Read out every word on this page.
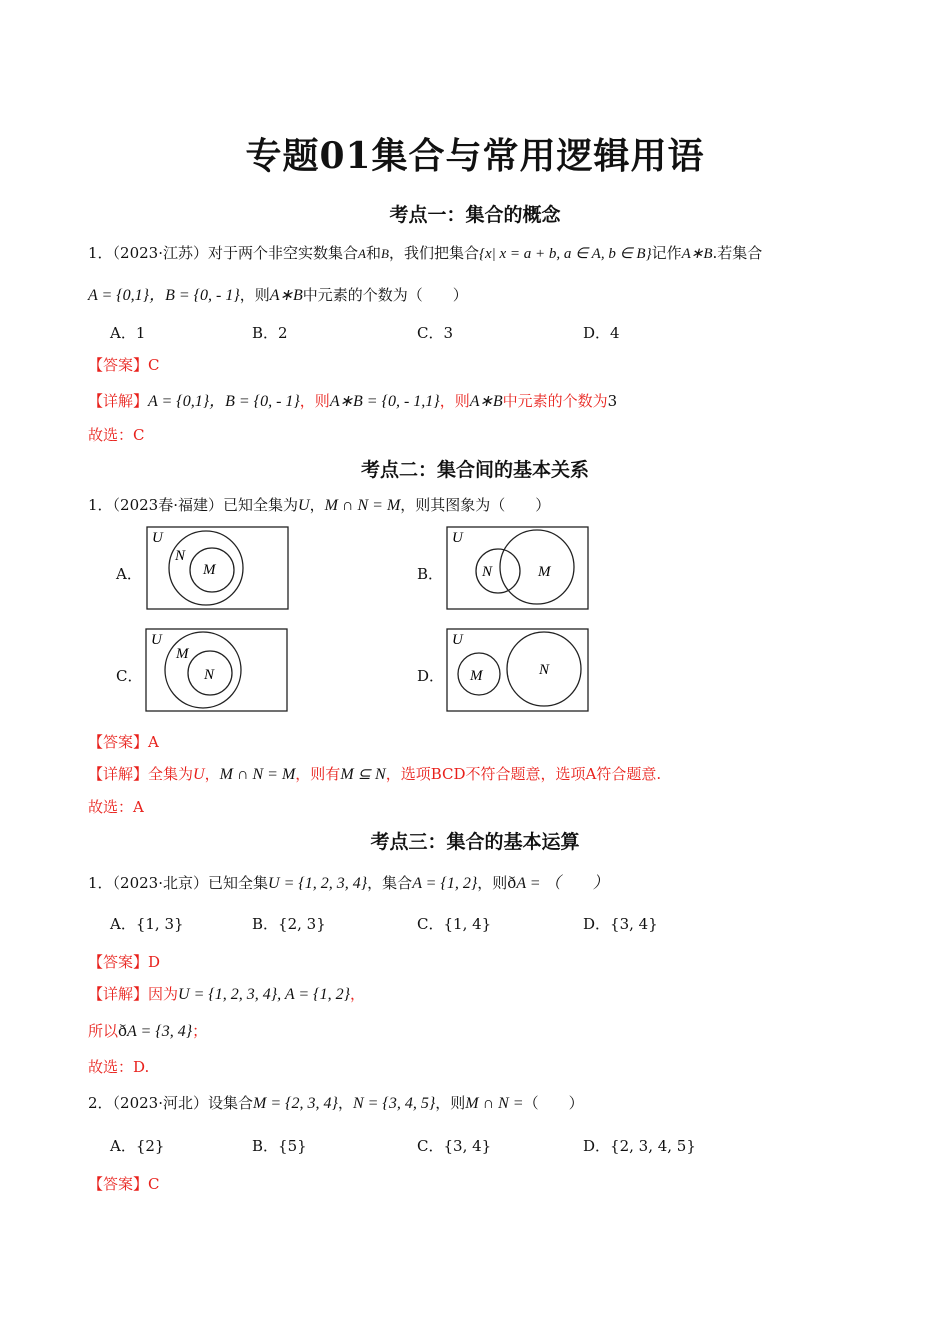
专题01集合与常用逻辑用语
考点一：集合的概念
1．（2023·江苏）对于两个非空实数集合A和B，我们把集合{x| x = a + b, a ∈ A, b ∈ B}记作A∗B.若集合
A = {0,1}，B = {0, - 1}，则A∗B中元素的个数为（　　）
A．1	B．2	C．3	D．4
【答案】C
【详解】A = {0,1}，B = {0, - 1}，则A∗B = {0, - 1,1}，则A∗B中元素的个数为3
故选：C
考点二：集合间的基本关系
1．（2023春·福建）已知全集为U，M ∩ N = M，则其图象为（　　）
A．
U
N
M	B．
U
N	M
C．
U
M
N	D．
U
M	N
【答案】A
【详解】全集为U，M ∩ N = M，则有M ⊆ N，选项BCD不符合题意，选项A符合题意.
故选：A
考点三：集合的基本运算
1．（2023·北京）已知全集U = {1, 2, 3, 4}，集合A = {1, 2}，则ðA = （　　）
A．{1, 3}	B．{2, 3}	C．{1, 4}	D．{3, 4}
【答案】D
【详解】因为U = {1, 2, 3, 4}, A = {1, 2}，
所以ðA = {3, 4}；
故选：D.
2．（2023·河北）设集合M = {2, 3, 4}，N = {3, 4, 5}，则M ∩ N =（　　）
A．{2}	B．{5}	C．{3, 4}	D．{2, 3, 4, 5}
【答案】C
